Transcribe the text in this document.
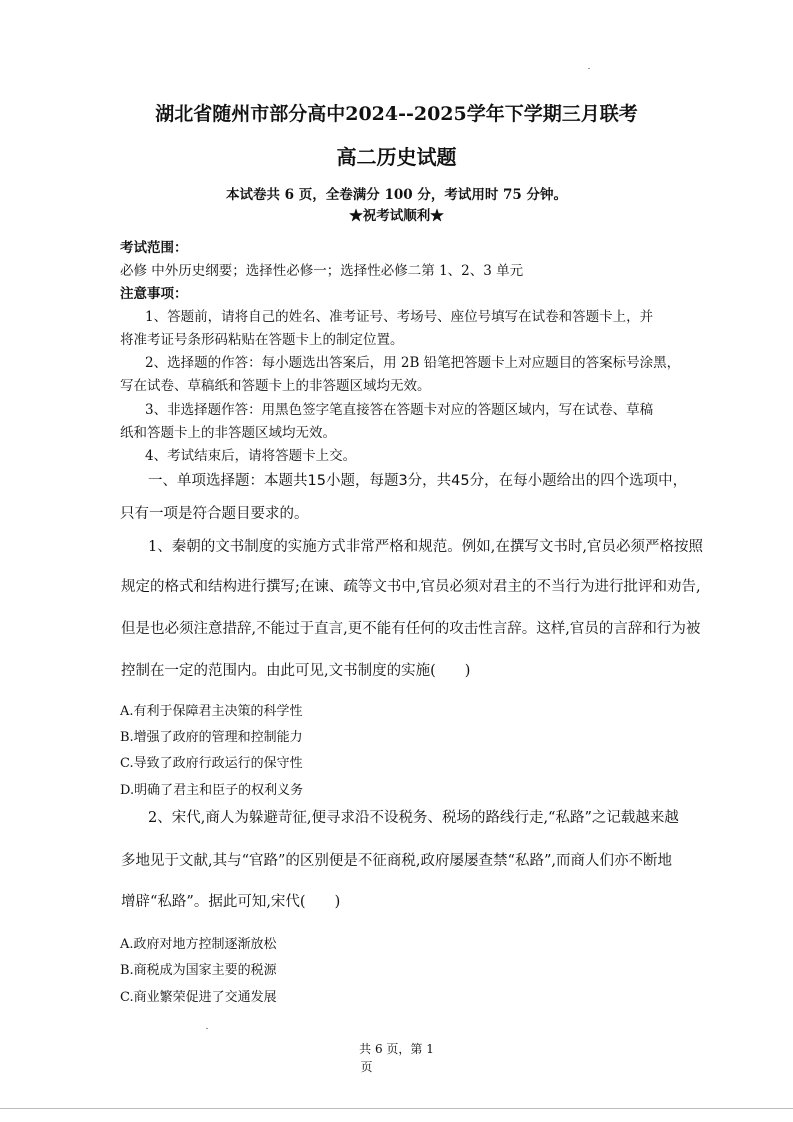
湖北省随州市部分高中2024--2025学年下学期三月联考
高二历史试题
本试卷共 6 页，全卷满分 100 分，考试用时 75 分钟。
★祝考试顺利★
考试范围：
必修 中外历史纲要；选择性必修一；选择性必修二第 1、2、3 单元
注意事项：
1、答题前，请将自己的姓名、准考证号、考场号、座位号填写在试卷和答题卡上，并
将准考证号条形码粘贴在答题卡上的制定位置。
2、选择题的作答：每小题选出答案后，用 2B 铅笔把答题卡上对应题目的答案标号涂黑，
写在试卷、草稿纸和答题卡上的非答题区域均无效。
3、非选择题作答：用黑色签字笔直接答在答题卡对应的答题区域内，写在试卷、草稿
纸和答题卡上的非答题区域均无效。
4、考试结束后，请将答题卡上交。
一、单项选择题：本题共15小题，每题3分，共45分，在每小题给出的四个选项中，
只有一项是符合题目要求的。
1、秦朝的文书制度的实施方式非常严格和规范。例如,在撰写文书时,官员必须严格按照
规定的格式和结构进行撰写;在谏、疏等文书中,官员必须对君主的不当行为进行批评和劝告,
但是也必须注意措辞,不能过于直言,更不能有任何的攻击性言辞。这样,官员的言辞和行为被
控制在一定的范围内。由此可见,文书制度的实施(　　)
A.有利于保障君主决策的科学性
B.增强了政府的管理和控制能力
C.导致了政府行政运行的保守性
D.明确了君主和臣子的权利义务
2、宋代,商人为躲避苛征,便寻求沿不设税务、税场的路线行走,“私路”之记载越来越
多地见于文献,其与“官路”的区别便是不征商税,政府屡屡查禁“私路”,而商人们亦不断地
增辟“私路”。据此可知,宋代(　　)
A.政府对地方控制逐渐放松
B.商税成为国家主要的税源
C.商业繁荣促进了交通发展
共 6 页，第 1
页
